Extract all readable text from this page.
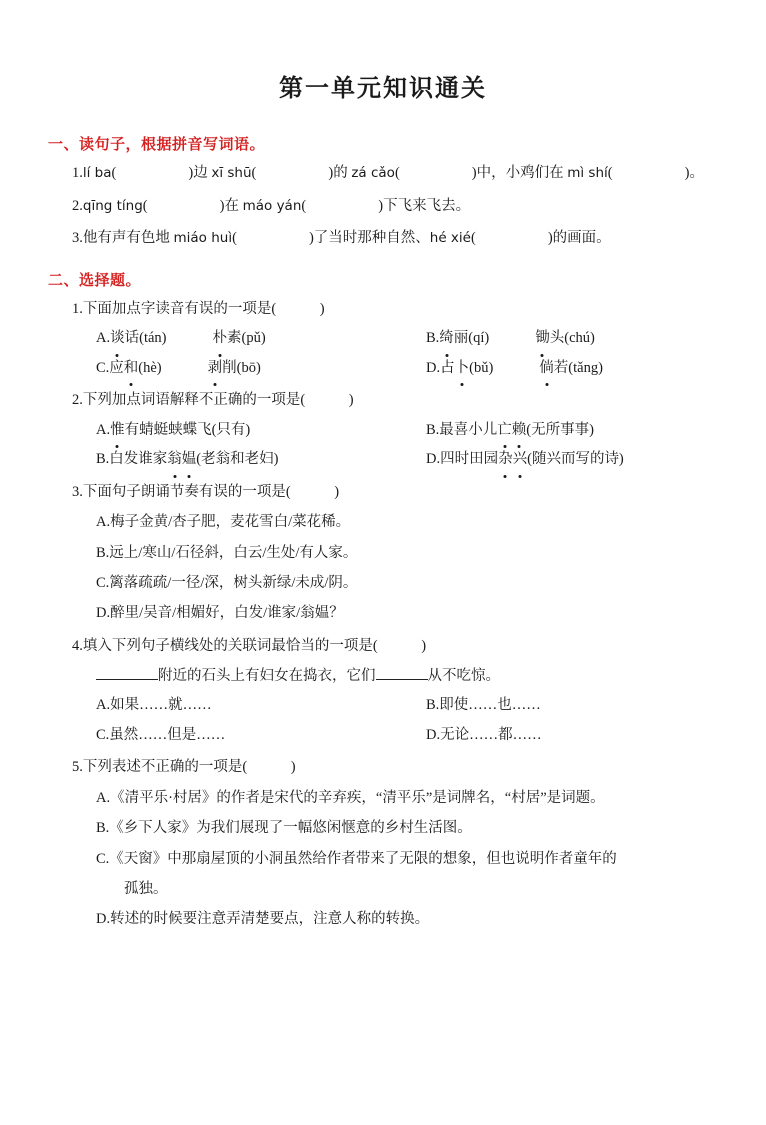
第一单元知识通关
一、读句子，根据拼音写词语。
1.lí ba(	)边 xī shū(	)的 zá cǎo(	)中，小鸡们在 mì shí(	)。
2.qīng tíng(	)在 máo yán(	)下飞来飞去。
3.他有声有色地 miáo huì(	)了当时那种自然、hé xié(	)的画面。
二、选择题。
1.下面加点字读音有误的一项是(　　　)
A.谈话(tán)	朴素(pǔ)	B.绮丽(qí)	锄头(chú)
C.应和(hè)	剥削(bō)	D.占卜(bǔ)	倘若(tǎng)
2.下列加点词语解释不正确的一项是(　　　)
A.惟有蜻蜓蛱蝶飞(只有)	B.最喜小儿亡赖(无所事事)
B.白发谁家翁媪(老翁和老妇)	D.四时田园杂兴(随兴而写的诗)
3.下面句子朗诵节奏有误的一项是(　　　)
A.梅子金黄/杏子肥，麦花雪白/菜花稀。
B.远上/寒山/石径斜，白云/生处/有人家。
C.篱落疏疏/一径/深，树头新绿/未成/阴。
D.醉里/吴音/相媚好，白发/谁家/翁媪？
4.填入下列句子横线处的关联词最恰当的一项是(　　　)
附近的石头上有妇女在捣衣，它们	从不吃惊。
A.如果……就……	B.即使……也……
C.虽然……但是……	D.无论……都……
5.下列表述不正确的一项是(　　　)
A.《清平乐·村居》的作者是宋代的辛弃疾，“清平乐”是词牌名，“村居”是词题。
B.《乡下人家》为我们展现了一幅悠闲惬意的乡村生活图。
C.《天窗》中那扇屋顶的小洞虽然给作者带来了无限的想象，但也说明作者童年的
孤独。
D.转述的时候要注意弄清楚要点，注意人称的转换。
